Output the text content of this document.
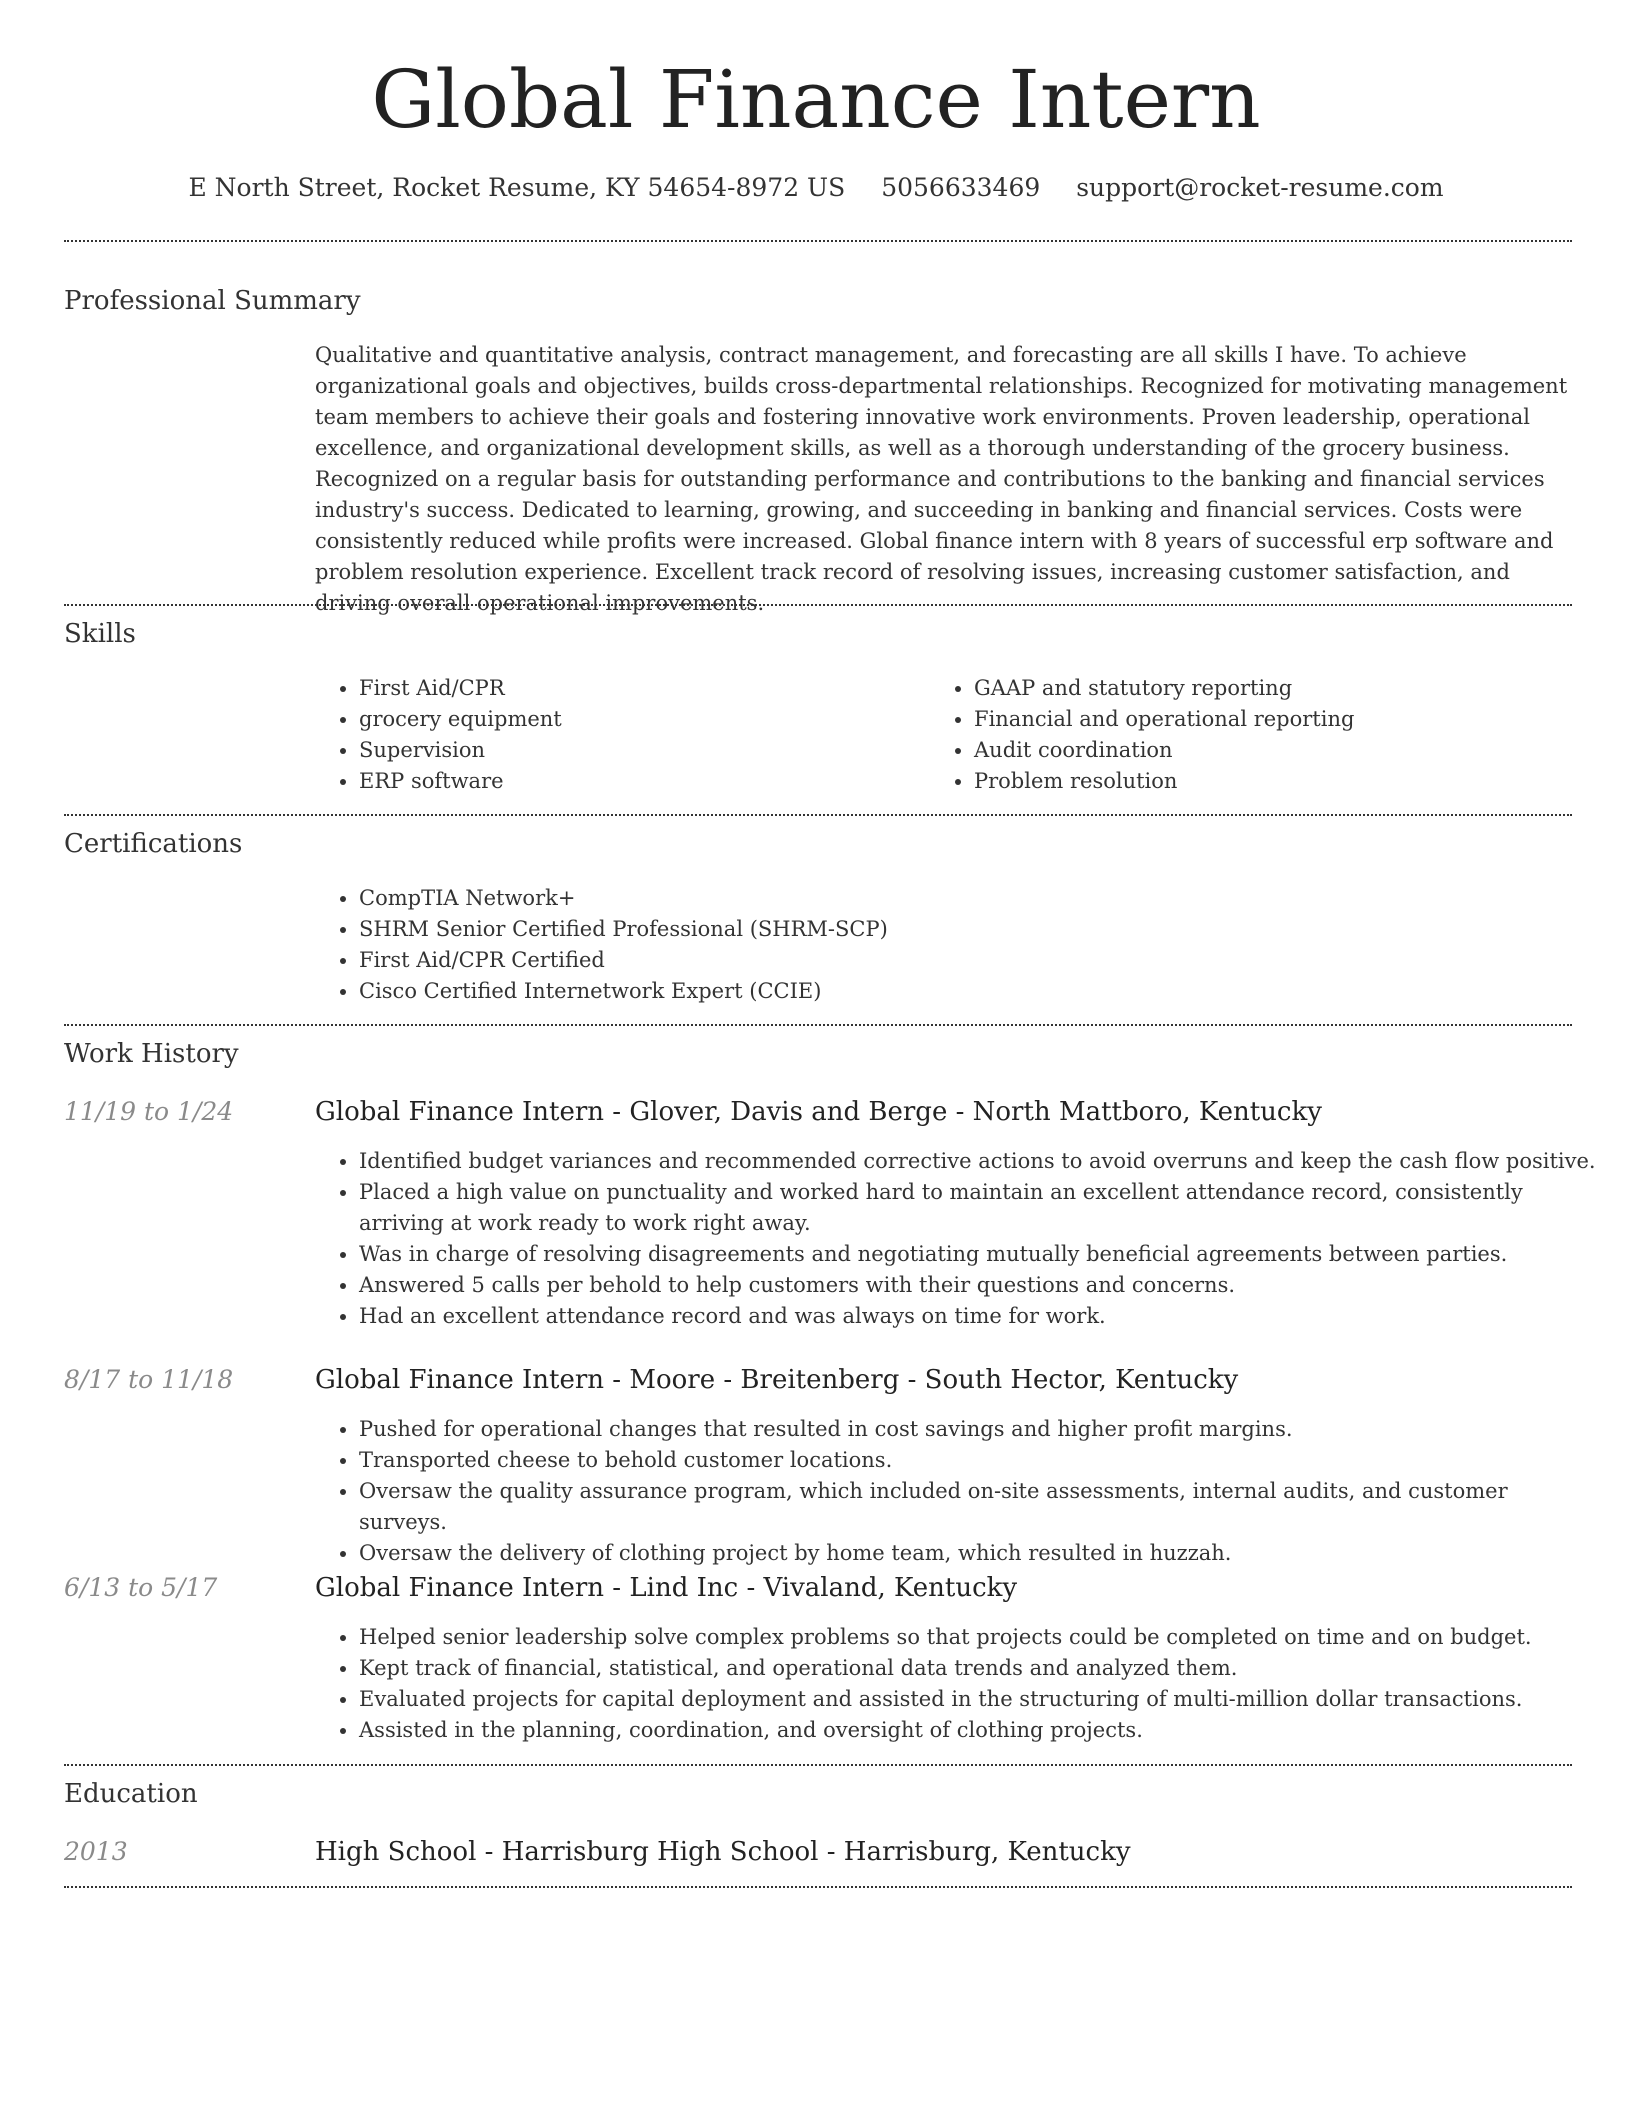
Global Finance Intern
E North Street, Rocket Resume, KY 54654-8972 US 5056633469 support@rocket-resume.com
Professional Summary

Qualitative and quantitative analysis, contract management, and forecasting are all skills I have. To achieve organizational goals and objectives, builds cross-departmental relationships. Recognized for motivating management team members to achieve their goals and fostering innovative work environments. Proven leadership, operational excellence, and organizational development skills, as well as a thorough understanding of the grocery business. Recognized on a regular basis for outstanding performance and contributions to the banking and financial services industry's success. Dedicated to learning, growing, and succeeding in banking and financial services. Costs were consistently reduced while profits were increased. Global finance intern with 8 years of successful erp software and problem resolution experience. Excellent track record of resolving issues, increasing customer satisfaction, and driving overall operational improvements.

Skills
• First Aid/CPR
• grocery equipment
• Supervision
• ERP software
• GAAP and statutory reporting
• Financial and operational reporting
• Audit coordination
• Problem resolution
Certifications
• CompTIA Network+
• SHRM Senior Certified Professional (SHRM-SCP)
• First Aid/CPR Certified
• Cisco Certified Internetwork Expert (CCIE)
Work History
11/19 to 1/24	Global Finance Intern - Glover, Davis and Berge - North Mattboro, Kentucky
• Identified budget variances and recommended corrective actions to avoid overruns and keep the cash flow positive.
• Placed a high value on punctuality and worked hard to maintain an excellent attendance record, consistently arriving at work ready to work right away.
• Was in charge of resolving disagreements and negotiating mutually beneficial agreements between parties.
• Answered 5 calls per behold to help customers with their questions and concerns.
• Had an excellent attendance record and was always on time for work.
8/17 to 11/18	Global Finance Intern - Moore - Breitenberg - South Hector, Kentucky
• Pushed for operational changes that resulted in cost savings and higher profit margins.
• Transported cheese to behold customer locations.
• Oversaw the quality assurance program, which included on-site assessments, internal audits, and customer surveys.
• Oversaw the delivery of clothing project by home team, which resulted in huzzah.
6/13 to 5/17	Global Finance Intern - Lind Inc - Vivaland, Kentucky
• Helped senior leadership solve complex problems so that projects could be completed on time and on budget.
• Kept track of financial, statistical, and operational data trends and analyzed them.
• Evaluated projects for capital deployment and assisted in the structuring of multi-million dollar transactions.
• Assisted in the planning, coordination, and oversight of clothing projects.
Education
2013	High School - Harrisburg High School - Harrisburg, Kentucky
